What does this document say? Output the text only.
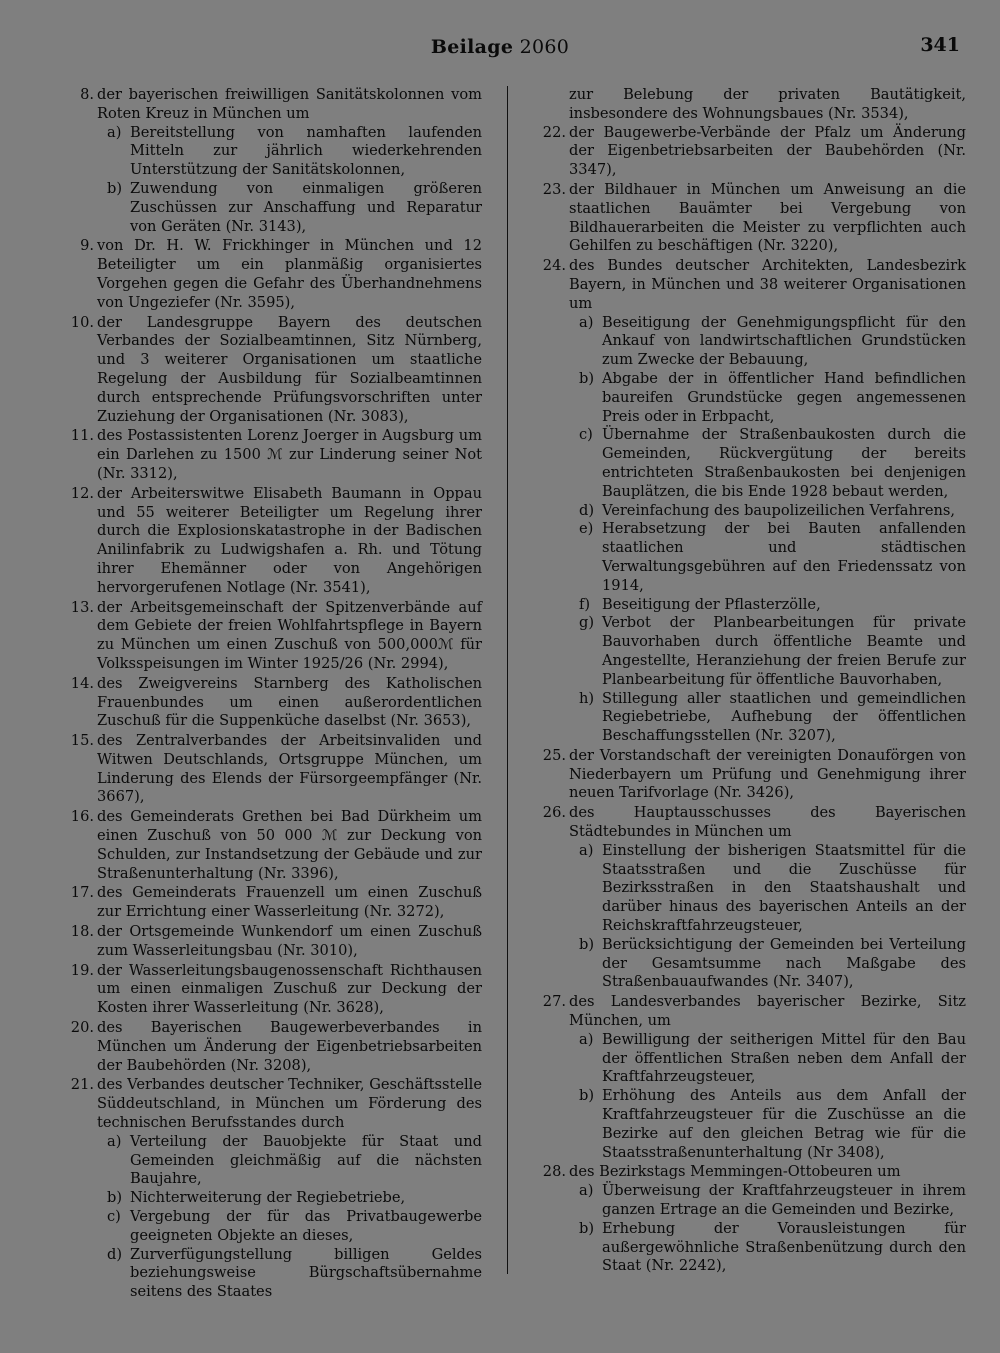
Beilage 2060	341
8. der bayerischen freiwilligen Sanitätskolonnen vom Roten Kreuz in München um
a) Bereitstellung von namhaften laufenden Mitteln zur jährlich wiederkehrenden Unterstützung der Sanitätskolonnen,
b) Zuwendung von einmaligen größeren Zuschüssen zur Anschaffung und Reparatur von Geräten (Nr. 3143),
9. von Dr. H. W. Frickhinger in München und 12 Beteiligter um ein planmäßig organisiertes Vorgehen gegen die Gefahr des Überhandnehmens von Ungeziefer (Nr. 3595),
10. der Landesgruppe Bayern des deutschen Verbandes der Sozialbeamtinnen, Sitz Nürnberg, und 3 weiterer Organisationen um staatliche Regelung der Ausbildung für Sozialbeamtinnen durch entsprechende Prüfungsvorschriften unter Zuziehung der Organisationen (Nr. 3083),
11. des Postassistenten Lorenz Joerger in Augsburg um ein Darlehen zu 1500 ℳ zur Linderung seiner Not (Nr. 3312),
12. der Arbeiterswitwe Elisabeth Baumann in Oppau und 55 weiterer Beteiligter um Regelung ihrer durch die Explosionskatastrophe in der Badischen Anilinfabrik zu Ludwigshafen a. Rh. und Tötung ihrer Ehemänner oder von Angehörigen hervorgerufenen Notlage (Nr. 3541),
13. der Arbeitsgemeinschaft der Spitzenverbände auf dem Gebiete der freien Wohlfahrtspflege in Bayern zu München um einen Zuschuß von 500,000ℳ für Volksspeisungen im Winter 1925/26 (Nr. 2994),
14. des Zweigvereins Starnberg des Katholischen Frauenbundes um einen außerordentlichen Zuschuß für die Suppenküche daselbst (Nr. 3653),
15. des Zentralverbandes der Arbeitsinvaliden und Witwen Deutschlands, Ortsgruppe München, um Linderung des Elends der Fürsorgeempfänger (Nr. 3667),
16. des Gemeinderats Grethen bei Bad Dürkheim um einen Zuschuß von 50 000 ℳ zur Deckung von Schulden, zur Instandsetzung der Gebäude und zur Straßenunterhaltung (Nr. 3396),
17. des Gemeinderats Frauenzell um einen Zuschuß zur Errichtung einer Wasserleitung (Nr. 3272),
18. der Ortsgemeinde Wunkendorf um einen Zuschuß zum Wasserleitungsbau (Nr. 3010),
19. der Wasserleitungsbaugenossenschaft Richthausen um einen einmaligen Zuschuß zur Deckung der Kosten ihrer Wasserleitung (Nr. 3628),
20. des Bayerischen Baugewerbeverbandes in München um Änderung der Eigenbetriebsarbeiten der Baubehörden (Nr. 3208),
21. des Verbandes deutscher Techniker, Geschäftsstelle Süddeutschland, in München um Förderung des technischen Berufsstandes durch
a) Verteilung der Bauobjekte für Staat und Gemeinden gleichmäßig auf die nächsten Baujahre,
b) Nichterweiterung der Regiebetriebe,
c) Vergebung der für das Privatbaugewerbe geeigneten Objekte an dieses,
d) Zurverfügungstellung billigen Geldes beziehungsweise Bürgschaftsübernahme seitens des Staates
zur Belebung der privaten Bautätigkeit, insbesondere des Wohnungsbaues (Nr. 3534),
22. der Baugewerbe-Verbände der Pfalz um Änderung der Eigenbetriebsarbeiten der Baubehörden (Nr. 3347),
23. der Bildhauer in München um Anweisung an die staatlichen Bauämter bei Vergebung von Bildhauerarbeiten die Meister zu verpflichten auch Gehilfen zu beschäftigen (Nr. 3220),
24. des Bundes deutscher Architekten, Landesbezirk Bayern, in München und 38 weiterer Organisationen um
a) Beseitigung der Genehmigungspflicht für den Ankauf von landwirtschaftlichen Grundstücken zum Zwecke der Bebauung,
b) Abgabe der in öffentlicher Hand befindlichen baureifen Grundstücke gegen angemessenen Preis oder in Erbpacht,
c) Übernahme der Straßenbaukosten durch die Gemeinden, Rückvergütung der bereits entrichteten Straßenbaukosten bei denjenigen Bauplätzen, die bis Ende 1928 bebaut werden,
d) Vereinfachung des baupolizeilichen Verfahrens,
e) Herabsetzung der bei Bauten anfallenden staatlichen und städtischen Verwaltungsgebühren auf den Friedenssatz von 1914,
f) Beseitigung der Pflasterzölle,
g) Verbot der Planbearbeitungen für private Bauvorhaben durch öffentliche Beamte und Angestellte, Heranziehung der freien Berufe zur Planbearbeitung für öffentliche Bauvorhaben,
h) Stillegung aller staatlichen und gemeindlichen Regiebetriebe, Aufhebung der öffentlichen Beschaffungsstellen (Nr. 3207),
25. der Vorstandschaft der vereinigten Donauförgen von Niederbayern um Prüfung und Genehmigung ihrer neuen Tarifvorlage (Nr. 3426),
26. des Hauptausschusses des Bayerischen Städtebundes in München um
a) Einstellung der bisherigen Staatsmittel für die Staatsstraßen und die Zuschüsse für Bezirksstraßen in den Staatshaushalt und darüber hinaus des bayerischen Anteils an der Reichskraftfahrzeugsteuer,
b) Berücksichtigung der Gemeinden bei Verteilung der Gesamtsumme nach Maßgabe des Straßenbauaufwandes (Nr. 3407),
27. des Landesverbandes bayerischer Bezirke, Sitz München, um
a) Bewilligung der seitherigen Mittel für den Bau der öffentlichen Straßen neben dem Anfall der Kraftfahrzeugsteuer,
b) Erhöhung des Anteils aus dem Anfall der Kraftfahrzeugsteuer für die Zuschüsse an die Bezirke auf den gleichen Betrag wie für die Staatsstraßenunterhaltung (Nr 3408),
28. des Bezirkstags Memmingen-Ottobeuren um
a) Überweisung der Kraftfahrzeugsteuer in ihrem ganzen Ertrage an die Gemeinden und Bezirke,
b) Erhebung der Vorausleistungen für außergewöhnliche Straßenbenützung durch den Staat (Nr. 2242),
